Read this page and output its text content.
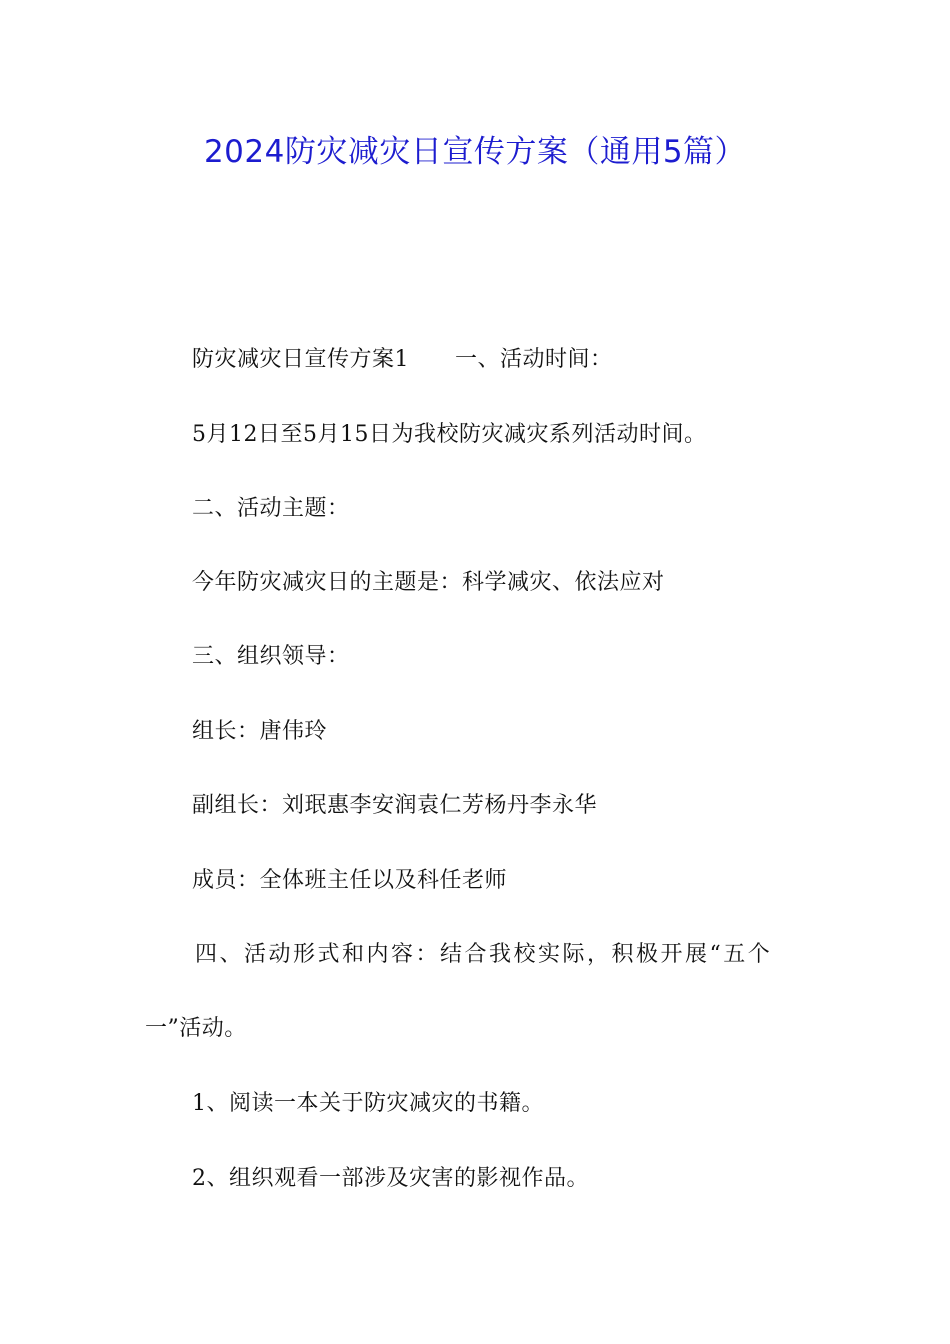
2024防灾减灾日宣传方案（通用5篇）
防灾减灾日宣传方案1 一、活动时间：
5月12日至5月15日为我校防灾减灾系列活动时间。
二、活动主题：
今年防灾减灾日的主题是：科学减灾、依法应对
三、组织领导：
组长：唐伟玲
副组长：刘珉惠李安润袁仁芳杨丹李永华
成员：全体班主任以及科任老师
四、活动形式和内容：结合我校实际，积极开展“五个
一”活动。
1、阅读一本关于防灾减灾的书籍。
2、组织观看一部涉及灾害的影视作品。
